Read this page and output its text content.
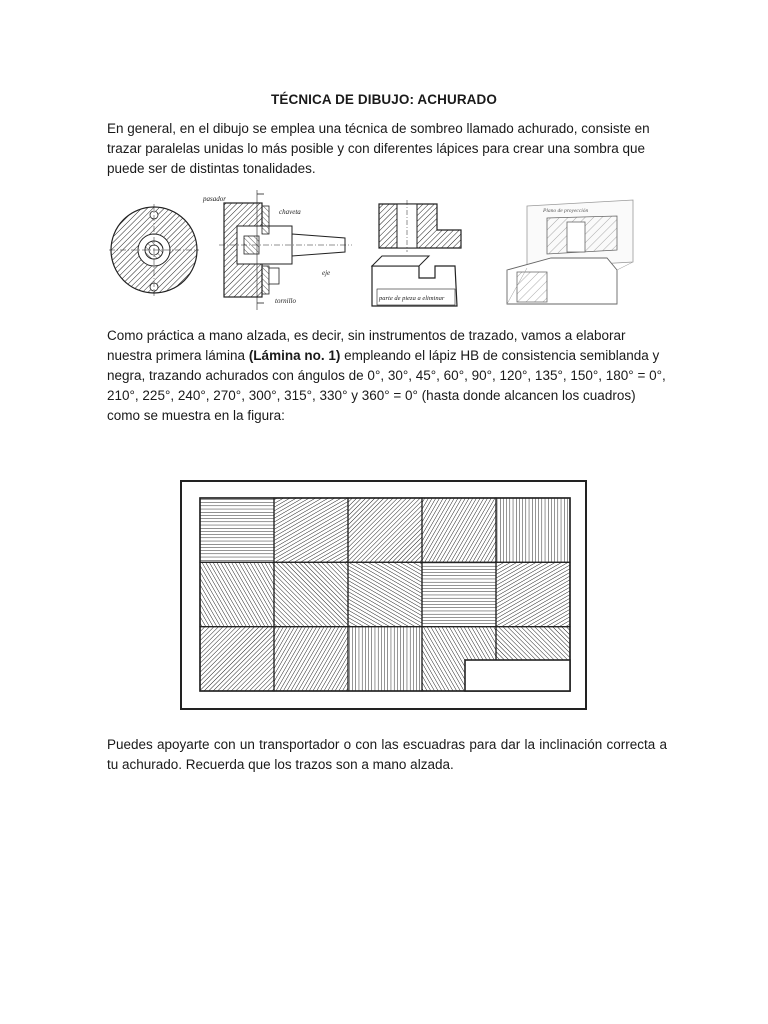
TÉCNICA DE DIBUJO: ACHURADO

En general, en el dibujo se emplea una técnica de sombreo llamado achurado, consiste en trazar paralelas unidas lo más posible y con diferentes lápices para crear una sombra que puede ser de distintas tonalidades.

pasador
chaveta
eje
tornillo	parte de pieza a eliminar
Plano de proyección

Como práctica a mano alzada, es decir, sin instrumentos de trazado, vamos a elaborar nuestra primera lámina (Lámina no. 1) empleando el lápiz HB de consistencia semiblanda y negra, trazando achurados con ángulos de 0°, 30°, 45°, 60°, 90°, 120°, 135°, 150°, 180° = 0°, 210°, 225°, 240°, 270°, 300°, 315°, 330° y 360° = 0° (hasta donde alcancen los cuadros) como se muestra en la figura:

Puedes apoyarte con un transportador o con las escuadras para dar la inclinación correcta a tu achurado. Recuerda que los trazos son a mano alzada.
